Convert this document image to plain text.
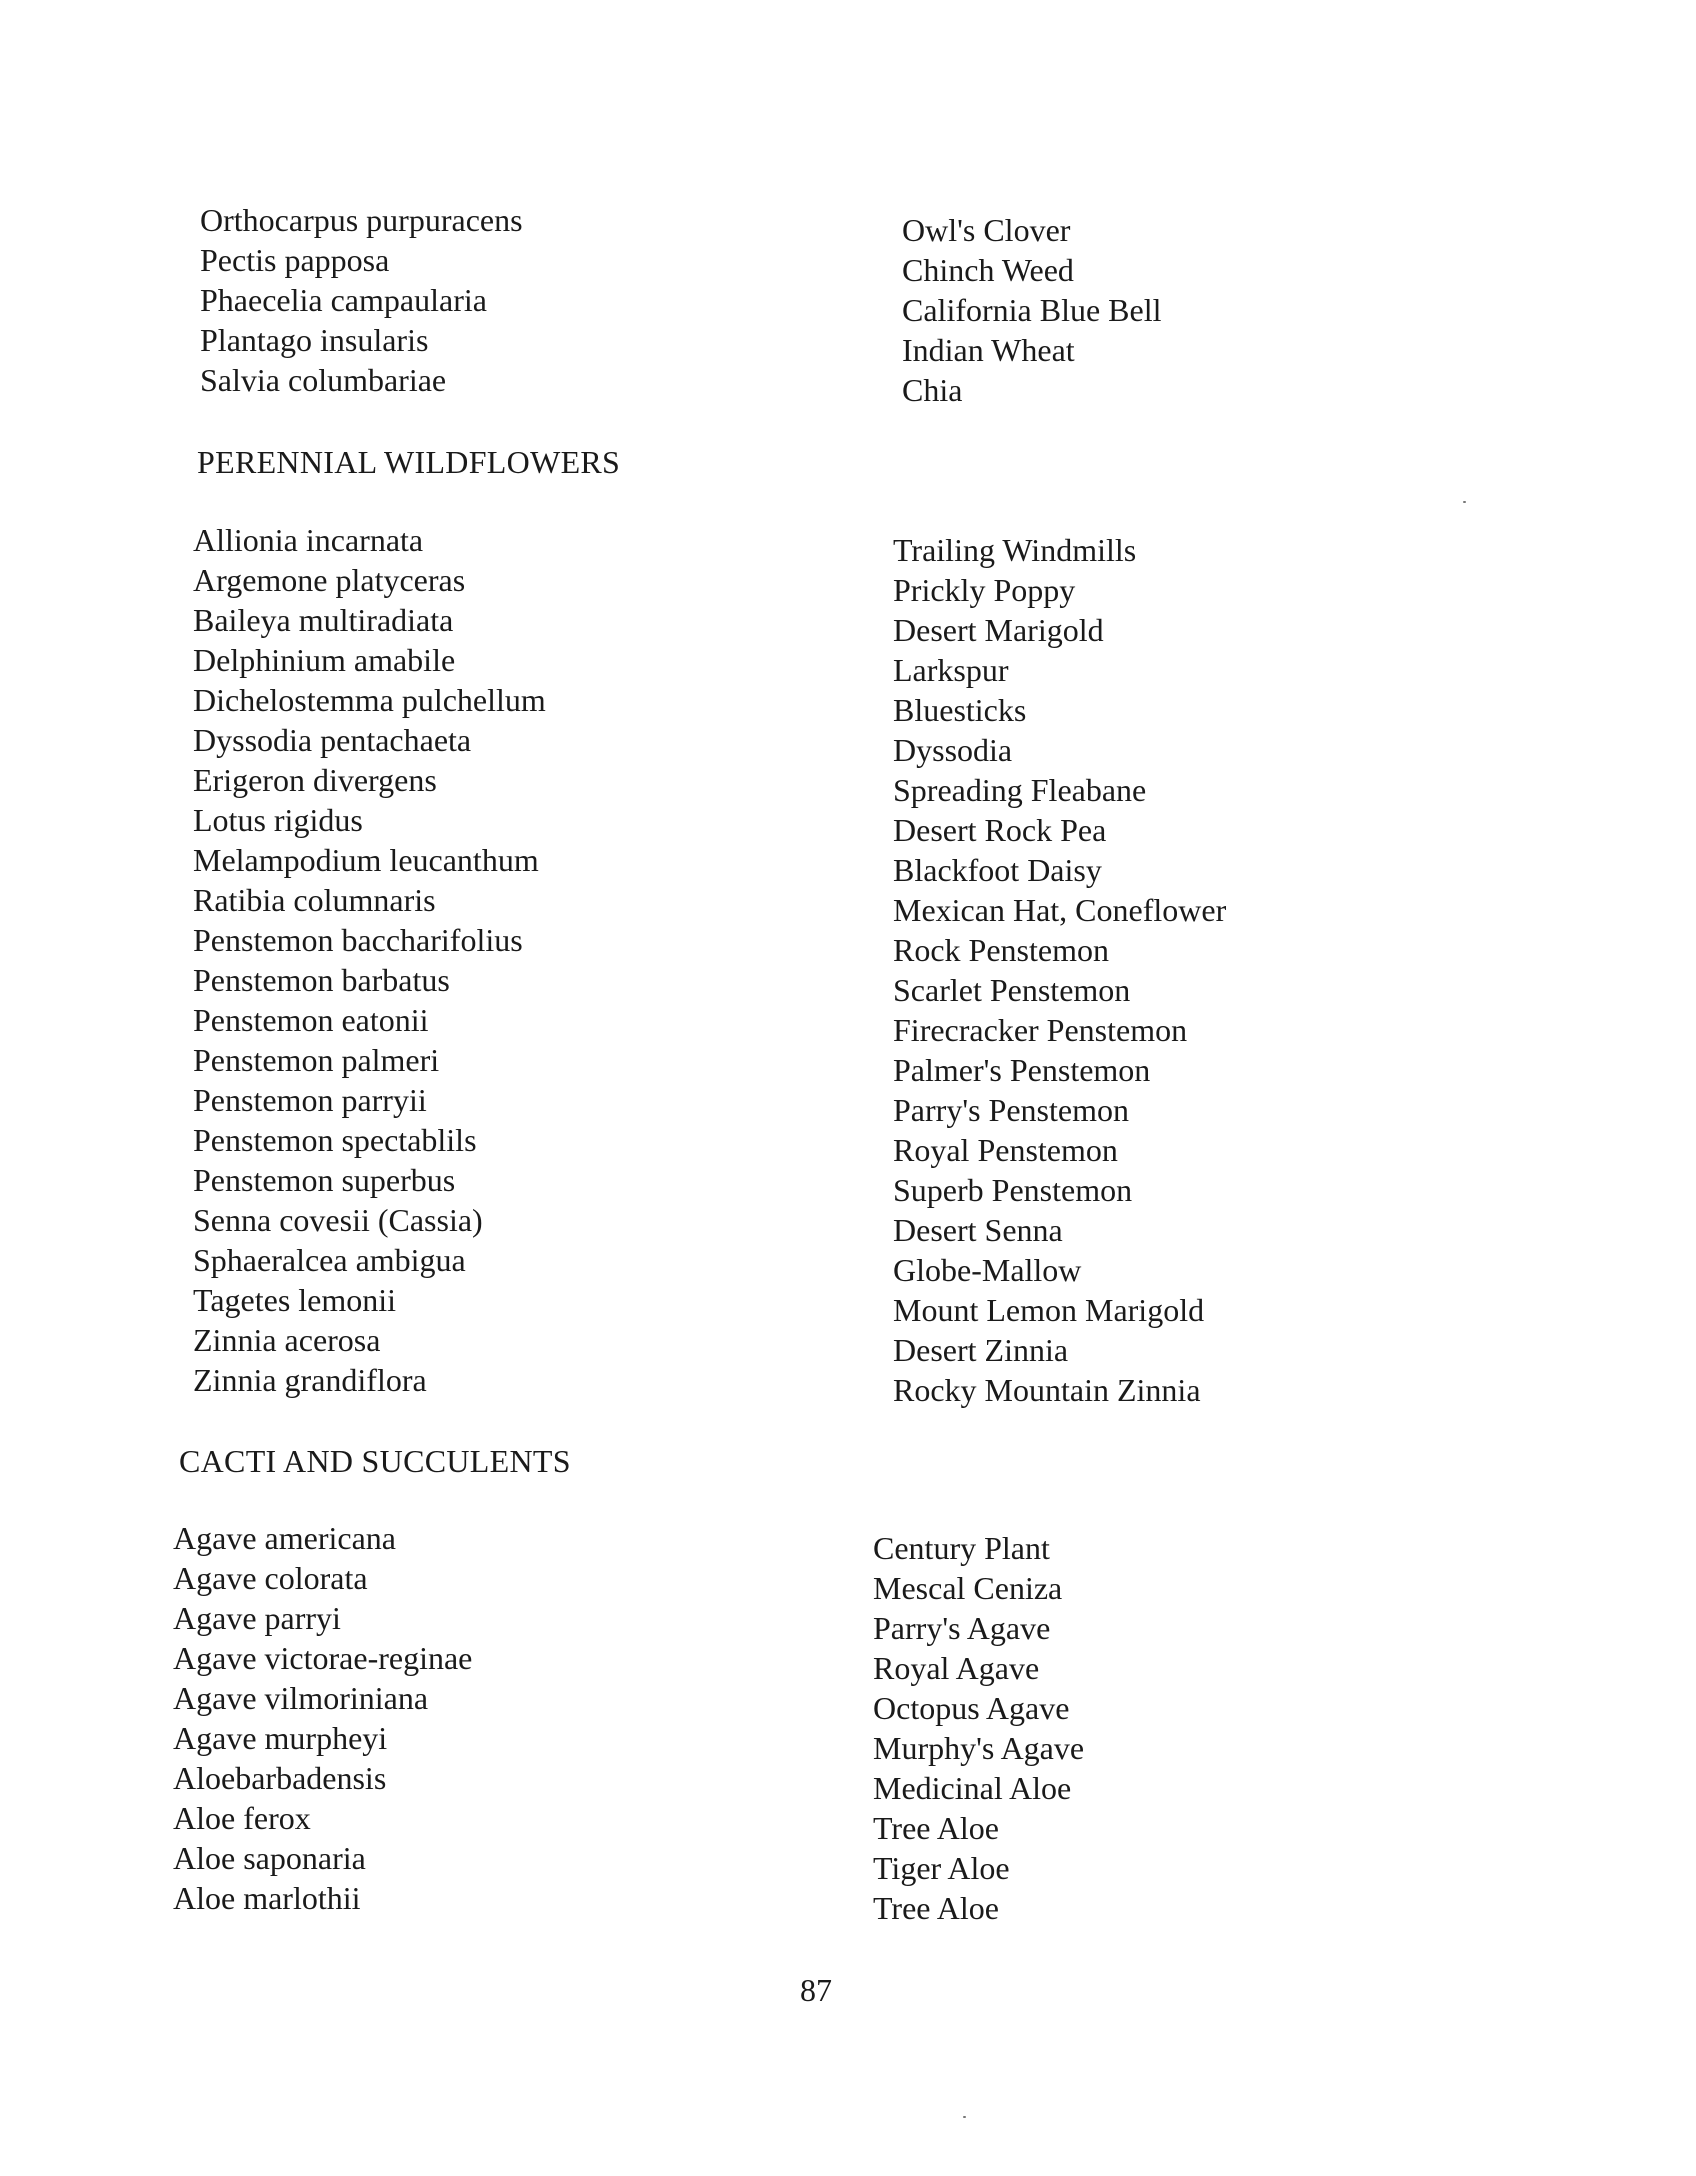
Orthocarpus purpuracens
Pectis papposa
Phaecelia campaularia
Plantago insularis
Salvia columbariae
Owl's Clover
Chinch Weed
California Blue Bell
Indian Wheat
Chia
PERENNIAL WILDFLOWERS
Allionia incarnata
Argemone platyceras
Baileya multiradiata
Delphinium amabile
Dichelostemma pulchellum
Dyssodia pentachaeta
Erigeron divergens
Lotus rigidus
Melampodium leucanthum
Ratibia columnaris
Penstemon baccharifolius
Penstemon barbatus
Penstemon eatonii
Penstemon palmeri
Penstemon parryii
Penstemon spectablils
Penstemon superbus
Senna covesii (Cassia)
Sphaeralcea ambigua
Tagetes lemonii
Zinnia acerosa
Zinnia grandiflora
Trailing Windmills
Prickly Poppy
Desert Marigold
Larkspur
Bluesticks
Dyssodia
Spreading Fleabane
Desert Rock Pea
Blackfoot Daisy
Mexican Hat, Coneflower
Rock Penstemon
Scarlet Penstemon
Firecracker Penstemon
Palmer's Penstemon
Parry's Penstemon
Royal Penstemon
Superb Penstemon
Desert Senna
Globe-Mallow
Mount Lemon Marigold
Desert Zinnia
Rocky Mountain Zinnia
CACTI AND SUCCULENTS
Agave americana
Agave colorata
Agave parryi
Agave victorae-reginae
Agave vilmoriniana
Agave murpheyi
Aloebarbadensis
Aloe ferox
Aloe saponaria
Aloe marlothii
Century Plant
Mescal Ceniza
Parry's Agave
Royal Agave
Octopus Agave
Murphy's Agave
Medicinal Aloe
Tree Aloe
Tiger Aloe
Tree Aloe
87
